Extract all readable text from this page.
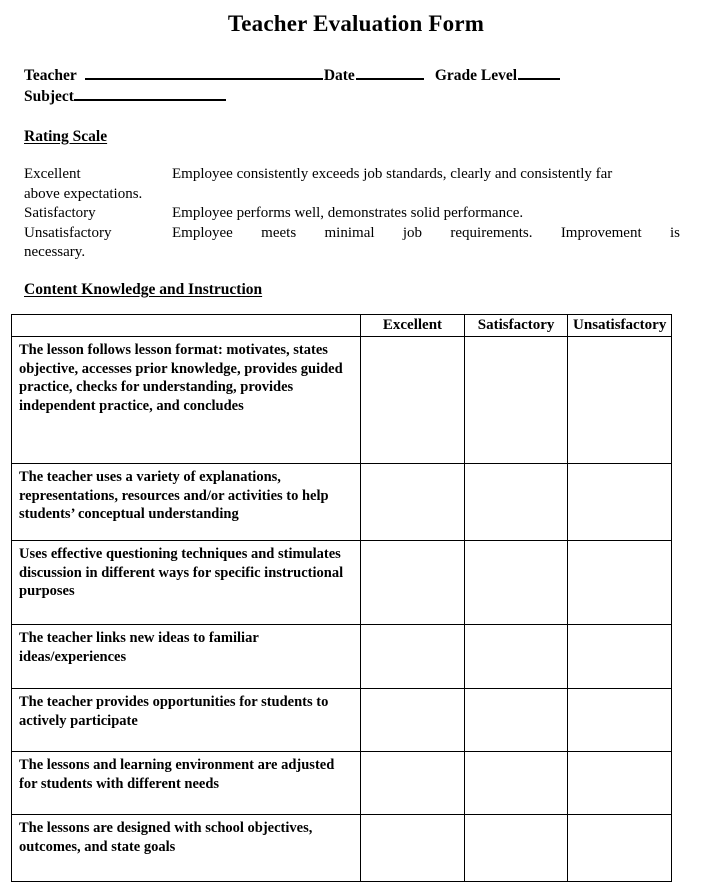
Teacher Evaluation Form
Teacher	Date	Grade Level
Subject
Rating Scale
Excellent	Employee consistently exceeds job standards, clearly and consistently far
above expectations.
Satisfactory	Employee performs well, demonstrates solid performance.
Unsatisfactory	Employee meets minimal job requirements. Improvement is
necessary.
Content Knowledge and Instruction
	Excellent	Satisfactory	Unsatisfactory
The lesson follows lesson format: motivates, states objective, accesses prior knowledge, provides guided practice, checks for understanding, provides independent practice, and concludes			
The teacher uses a variety of explanations, representations, resources and/or activities to help students’ conceptual understanding			
Uses effective questioning techniques and stimulates discussion in different ways for specific instructional purposes			
The teacher links new ideas to familiar ideas/experiences			
The teacher provides opportunities for students to actively participate			
The lessons and learning environment are adjusted for students with different needs			
The lessons are designed with school objectives, outcomes, and state goals			
